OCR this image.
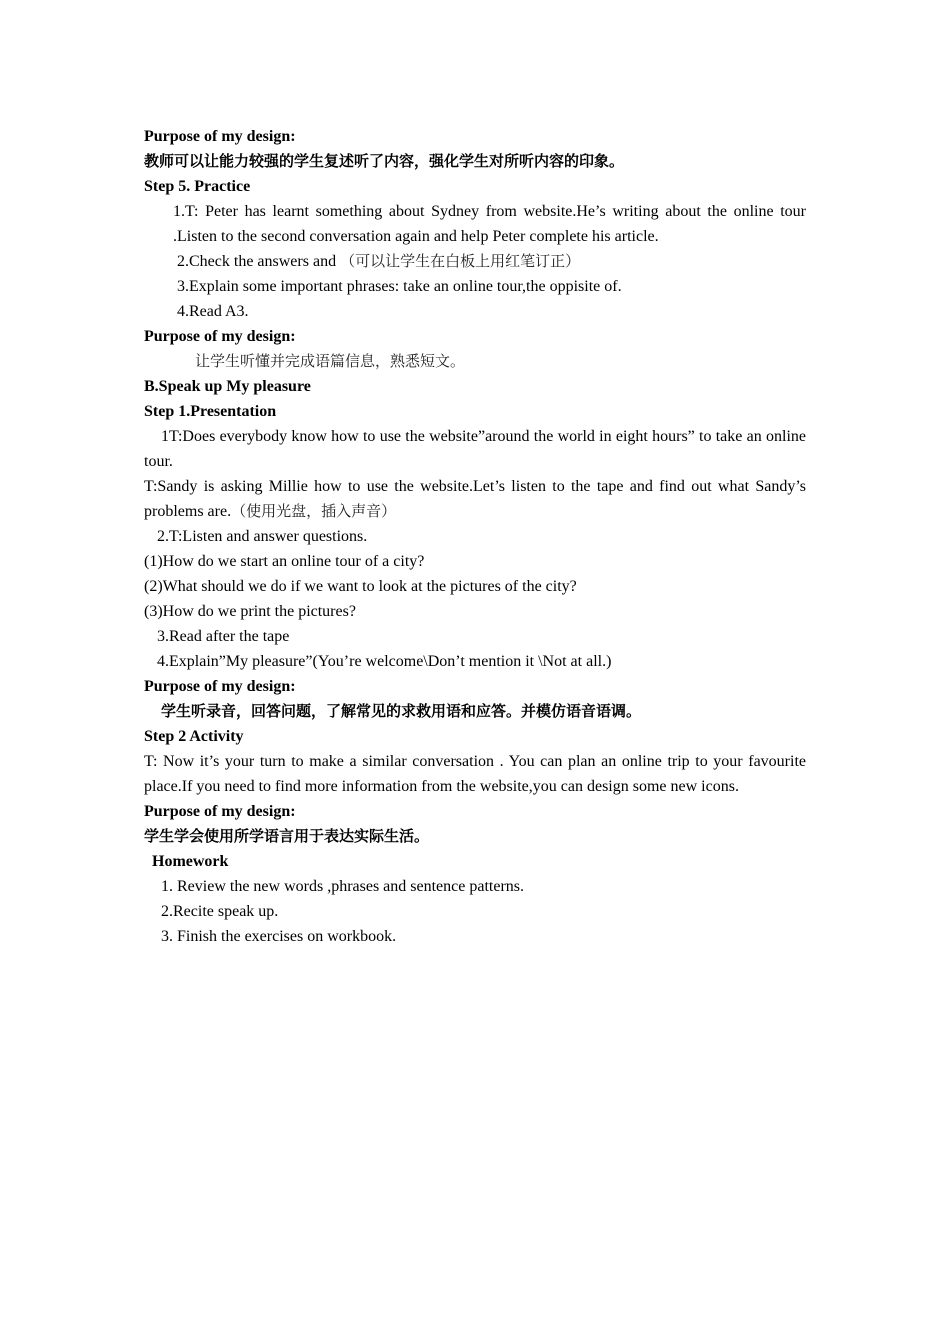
Purpose of my design:

教师可以让能力较强的学生复述听了内容，强化学生对所听内容的印象。

Step 5. Practice

1.T: Peter has learnt something about Sydney from website.He’s writing about the online tour .Listen to the second conversation again and help Peter complete his article.

2.Check the answers and （可以让学生在白板上用红笔订正）

3.Explain some important phrases: take an online tour,the oppisite of.

4.Read A3.

Purpose of my design:

让学生听懂并完成语篇信息，熟悉短文。

B.Speak up My pleasure

Step 1.Presentation

1T:Does everybody know how to use the website”around the world in eight hours” to take an online tour.

T:Sandy is asking Millie how to use the website.Let’s listen to the tape and find out what Sandy’s problems are.（使用光盘，插入声音）

2.T:Listen and answer questions.

(1)How do we start an online tour of a city?

(2)What should we do if we want to look at the pictures of the city?

(3)How do we print the pictures?

3.Read after the tape

4.Explain”My pleasure”(You’re welcome\Don’t mention it \Not at all.)

Purpose of my design:

学生听录音，回答问题，了解常见的求救用语和应答。并模仿语音语调。

Step 2 Activity

T: Now it’s your turn to make a similar conversation . You can plan an online trip to your favourite place.If you need to find more information from the website,you can design some new icons.

Purpose of my design:

学生学会使用所学语言用于表达实际生活。

Homework

1. Review the new words ,phrases and sentence patterns.

2.Recite speak up.

3. Finish the exercises on workbook.
